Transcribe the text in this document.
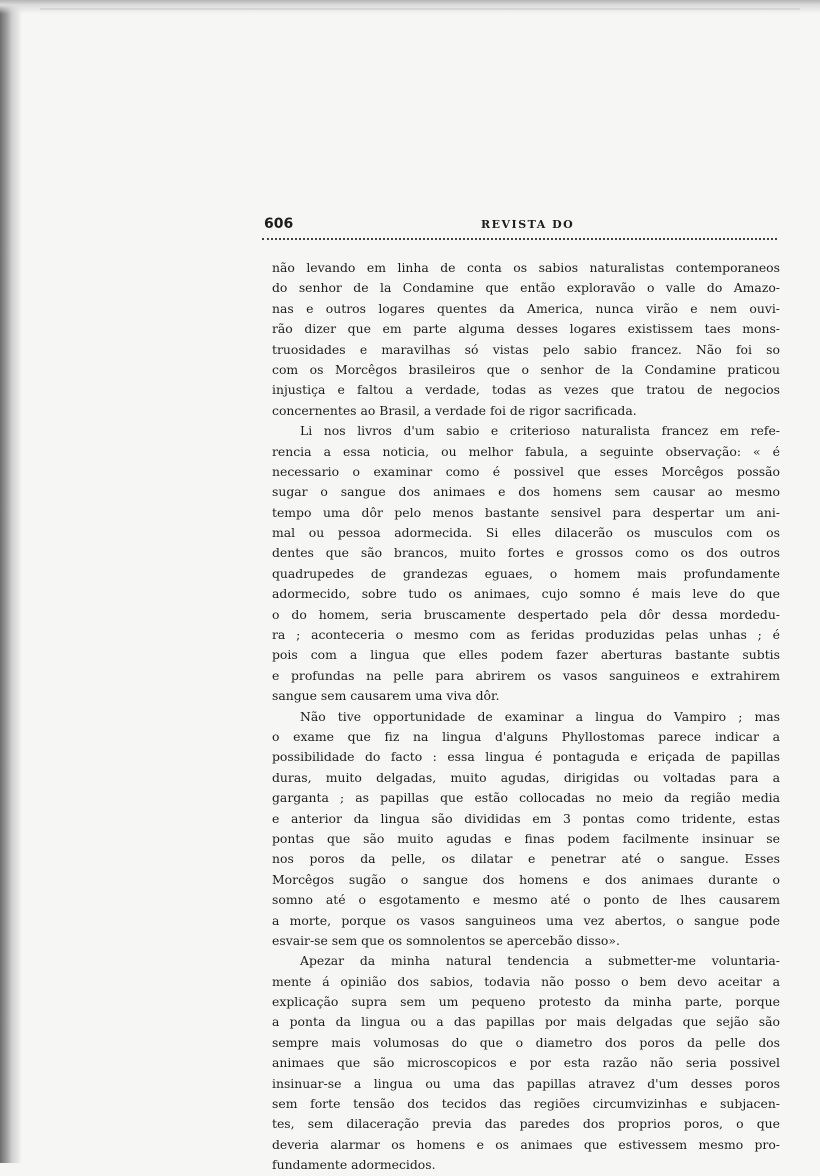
606	REVISTA DO
não levando em linha de conta os sabios naturalistas contemporaneos
do senhor de la Condamine que então exploravão o valle do Amazo-
nas e outros logares quentes da America, nunca virão e nem ouvi-
rão dizer que em parte alguma desses logares existissem taes mons-
truosidades e maravilhas só vistas pelo sabio francez. Não foi so
com os Morcêgos brasileiros que o senhor de la Condamine praticou
injustiça e faltou a verdade, todas as vezes que tratou de negocios
concernentes ao Brasil, a verdade foi de rigor sacrificada.
Li nos livros d'um sabio e criterioso naturalista francez em refe-
rencia a essa noticia, ou melhor fabula, a seguinte observação: « é
necessario o examinar como é possivel que esses Morcêgos possão
sugar o sangue dos animaes e dos homens sem causar ao mesmo
tempo uma dôr pelo menos bastante sensivel para despertar um ani-
mal ou pessoa adormecida. Si elles dilacerão os musculos com os
dentes que são brancos, muito fortes e grossos como os dos outros
quadrupedes de grandezas eguaes, o homem mais profundamente
adormecido, sobre tudo os animaes, cujo somno é mais leve do que
o do homem, seria bruscamente despertado pela dôr dessa mordedu-
ra ; aconteceria o mesmo com as feridas produzidas pelas unhas ; é
pois com a lingua que elles podem fazer aberturas bastante subtis
e profundas na pelle para abrirem os vasos sanguineos e extrahirem
sangue sem causarem uma viva dôr.
Não tive opportunidade de examinar a lingua do Vampiro ; mas
o exame que fiz na lingua d'alguns Phyllostomas parece indicar a
possibilidade do facto : essa lingua é pontaguda e eriçada de papillas
duras, muito delgadas, muito agudas, dirigidas ou voltadas para a
garganta ; as papillas que estão collocadas no meio da região media
e anterior da lingua são divididas em 3 pontas como tridente, estas
pontas que são muito agudas e finas podem facilmente insinuar se
nos poros da pelle, os dilatar e penetrar até o sangue. Esses
Morcêgos sugão o sangue dos homens e dos animaes durante o
somno até o esgotamento e mesmo até o ponto de lhes causarem
a morte, porque os vasos sanguineos uma vez abertos, o sangue pode
esvair-se sem que os somnolentos se apercebão disso».
Apezar da minha natural tendencia a submetter-me voluntaria-
mente á opinião dos sabios, todavia não posso o bem devo aceitar a
explicação supra sem um pequeno protesto da minha parte, porque
a ponta da lingua ou a das papillas por mais delgadas que sejão são
sempre mais volumosas do que o diametro dos poros da pelle dos
animaes que são microscopicos e por esta razão não seria possivel
insinuar-se a lingua ou uma das papillas atravez d'um desses poros
sem forte tensão dos tecidos das regiões circumvizinhas e subjacen-
tes, sem dilaceração previa das paredes dos proprios poros, o que
deveria alarmar os homens e os animaes que estivessem mesmo pro-
fundamente adormecidos.
